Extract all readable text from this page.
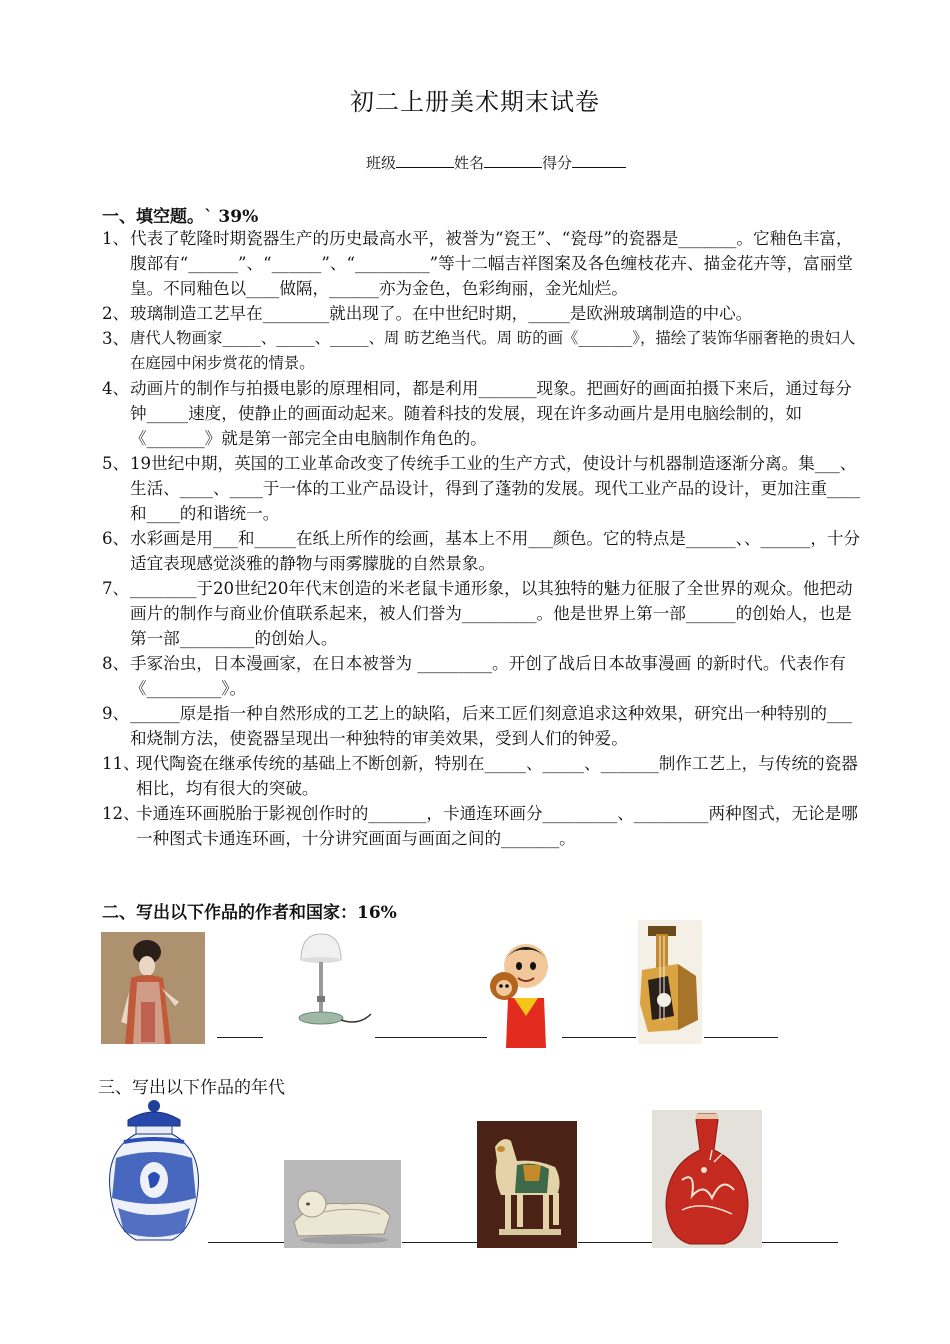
初二上册美术期末试卷
班级	姓名	得分
一、填空题。` 39%
1、 代表了乾隆时期瓷器生产的历史最高水平，被誉为“瓷王”、“瓷母”的瓷器是_______。它釉色丰富，腹部有“______”、“______”、“_________”等十二幅吉祥图案及各色缠枝花卉、描金花卉等，富丽堂皇。不同釉色以____做隔，______亦为金色，色彩绚丽，金光灿烂。
2、 玻璃制造工艺早在________就出现了。在中世纪时期，_____是欧洲玻璃制造的中心。
3、 唐代人物画家_____、_____、_____、周 昉艺绝当代。周 昉的画《_______》，描绘了装饰华丽奢艳的贵妇人在庭园中闲步赏花的情景。
4、 动画片的制作与拍摄电影的原理相同，都是利用_______现象。把画好的画面拍摄下来后，通过每分钟_____速度，使静止的画面动起来。随着科技的发展，现在许多动画片是用电脑绘制的，如《_______》就是第一部完全由电脑制作角色的。
5、 19世纪中期，英国的工业革命改变了传统手工业的生产方式，使设计与机器制造逐渐分离。集___、生活、____、____于一体的工业产品设计，得到了蓬勃的发展。现代工业产品的设计，更加注重____和____的和谐统一。
6、 水彩画是用___和_____在纸上所作的绘画，基本上不用___颜色。它的特点是______、、______，十分适宜表现感觉淡雅的静物与雨雾朦胧的自然景象。
7、 ________于20世纪20年代末创造的米老鼠卡通形象，以其独特的魅力征服了全世界的观众。他把动画片的制作与商业价值联系起来，被人们誉为_________。他是世界上第一部______的创始人，也是第一部_________的创始人。
8、 手冢治虫，日本漫画家，在日本被誉为 _________。开创了战后日本故事漫画 的新时代。代表作有《_________》。
9、 ______原是指一种自然形成的工艺上的缺陷，后来工匠们刻意追求这种效果，研究出一种特别的___和烧制方法，使瓷器呈现出一种独特的审美效果，受到人们的钟爱。
11、
现代陶瓷在继承传统的基础上不断创新，特别在_____、_____、_______制作工艺上，与传统的瓷器相比，均有很大的突破。
12、
卡通连环画脱胎于影视创作时的_______，卡通连环画分_________、_________两种图式，无论是哪一种图式卡通连环画，十分讲究画面与画面之间的_______。
二、写出以下作品的作者和国家：16%
三、写出以下作品的年代
